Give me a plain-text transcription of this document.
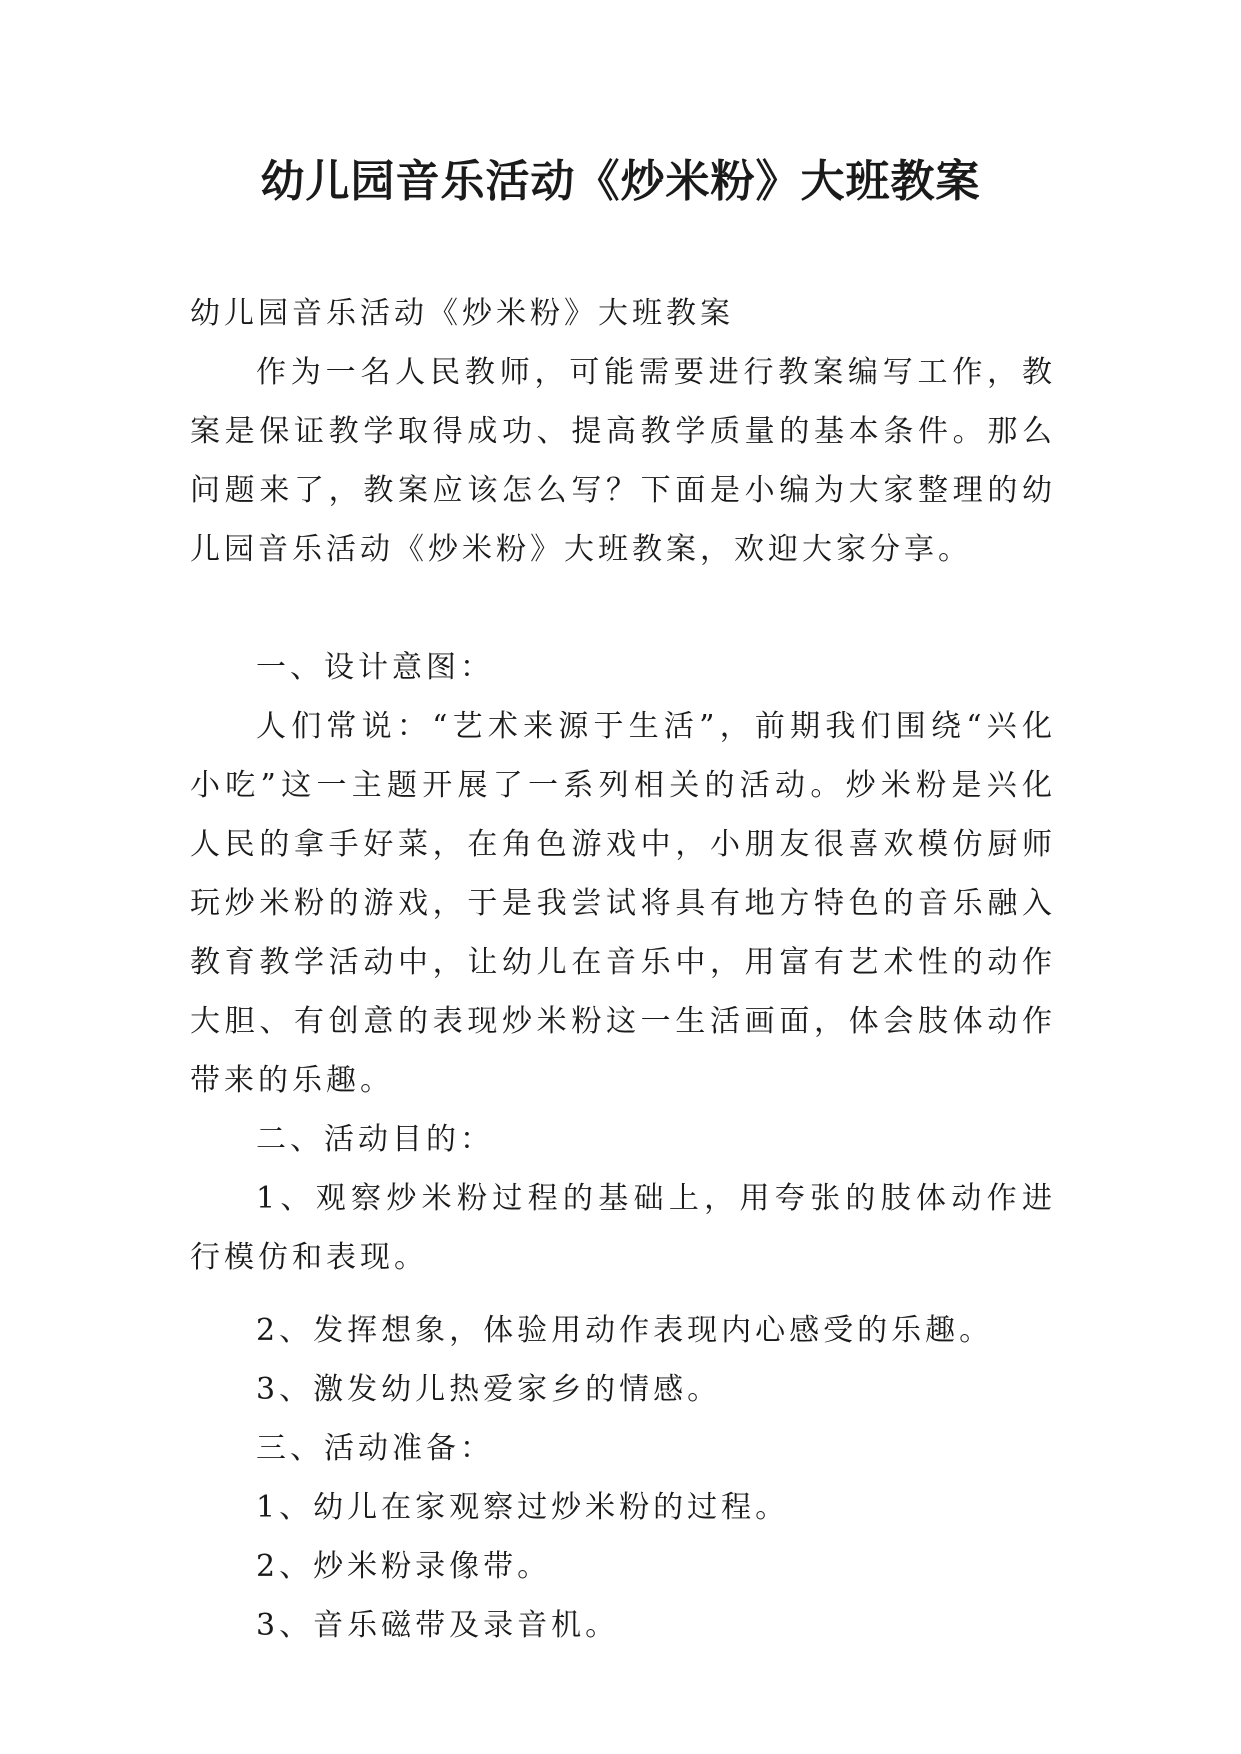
幼儿园音乐活动《炒米粉》大班教案

幼儿园音乐活动《炒米粉》大班教案

作为一名人民教师，可能需要进行教案编写工作，教案是保证教学取得成功、提高教学质量的基本条件。那么问题来了，教案应该怎么写？下面是小编为大家整理的幼儿园音乐活动《炒米粉》大班教案，欢迎大家分享。

一、设计意图：

人们常说：“艺术来源于生活”，前期我们围绕“兴化小吃”这一主题开展了一系列相关的活动。炒米粉是兴化人民的拿手好菜，在角色游戏中，小朋友很喜欢模仿厨师玩炒米粉的游戏，于是我尝试将具有地方特色的音乐融入教育教学活动中，让幼儿在音乐中，用富有艺术性的动作大胆、有创意的表现炒米粉这一生活画面，体会肢体动作带来的乐趣。

二、活动目的：

1、观察炒米粉过程的基础上，用夸张的肢体动作进行模仿和表现。

2、发挥想象，体验用动作表现内心感受的乐趣。

3、激发幼儿热爱家乡的情感。

三、活动准备：

1、幼儿在家观察过炒米粉的过程。

2、炒米粉录像带。

3、音乐磁带及录音机。
